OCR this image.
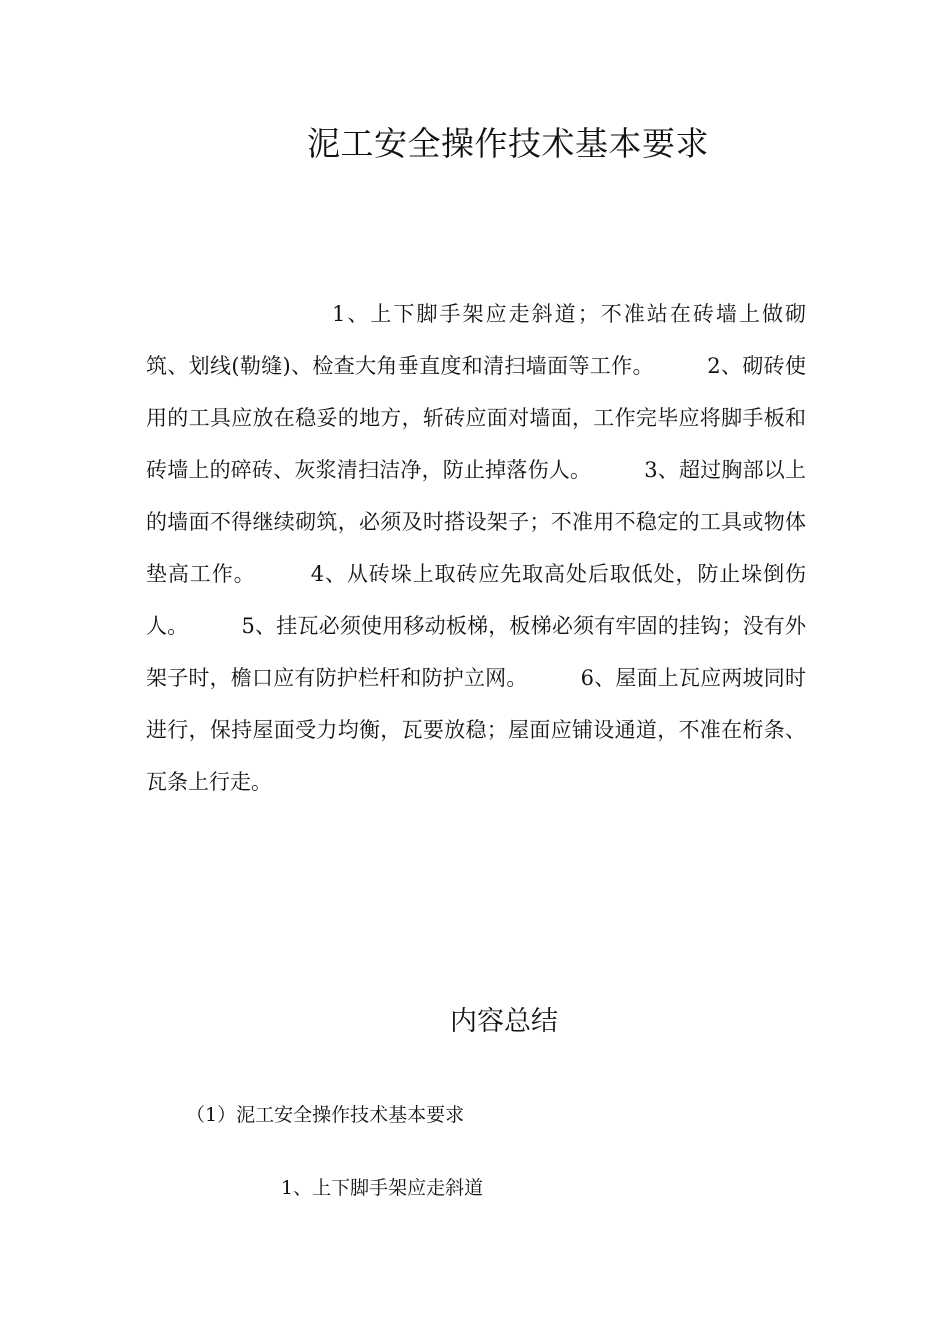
泥工安全操作技术基本要求

1、上下脚手架应走斜道；不准站在砖墙上做砌筑、划线(勒缝)、检查大角垂直度和清扫墙面等工作。　　　2、砌砖使用的工具应放在稳妥的地方，斩砖应面对墙面，工作完毕应将脚手板和砖墙上的碎砖、灰浆清扫洁净，防止掉落伤人。　　　3、超过胸部以上的墙面不得继续砌筑，必须及时搭设架子；不准用不稳定的工具或物体垫高工作。　　　4、从砖垛上取砖应先取高处后取低处，防止垛倒伤人。　　　5、挂瓦必须使用移动板梯，板梯必须有牢固的挂钩；没有外架子时，檐口应有防护栏杆和防护立网。　　　6、屋面上瓦应两坡同时进行，保持屋面受力均衡，瓦要放稳；屋面应铺设通道，不准在桁条、瓦条上行走。

内容总结

（1）泥工安全操作技术基本要求

1、上下脚手架应走斜道
